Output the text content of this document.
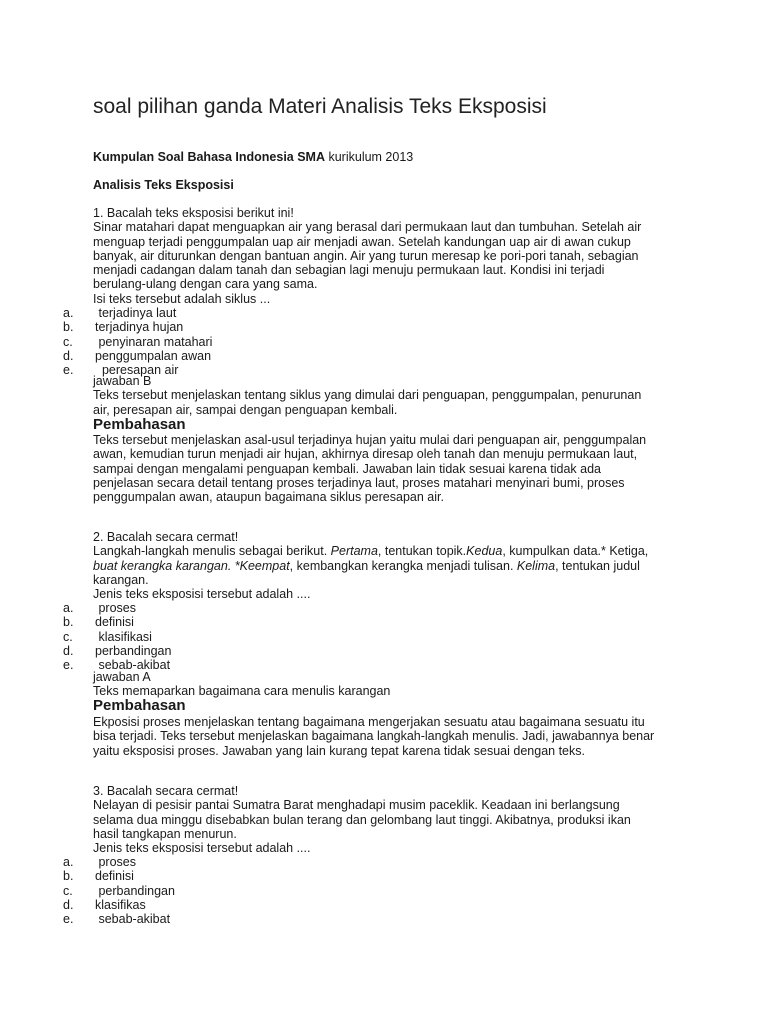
soal pilihan ganda Materi Analisis Teks Eksposisi
Kumpulan Soal Bahasa Indonesia SMA kurikulum 2013
Analisis Teks Eksposisi

1. Bacalah teks eksposisi berikut ini!

Sinar matahari dapat menguapkan air yang berasal dari permukaan laut dan tumbuhan. Setelah air

menguap terjadi penggumpalan uap air menjadi awan. Setelah kandungan uap air di awan cukup

banyak, air diturunkan dengan bantuan angin. Air yang turun meresap ke pori-pori tanah, sebagian

menjadi cadangan dalam tanah dan sebagian lagi menuju permukaan laut. Kondisi ini terjadi

berulang-ulang dengan cara yang sama.

Isi teks tersebut adalah siklus ...

a. terjadinya laut
b. terjadinya hujan
c. penyinaran matahari
d. penggumpalan awan
e. peresapan air

jawaban B

Teks tersebut menjelaskan tentang siklus yang dimulai dari penguapan, penggumpalan, penurunan

air, peresapan air, sampai dengan penguapan kembali.

Pembahasan

Teks tersebut menjelaskan asal-usul terjadinya hujan yaitu mulai dari penguapan air, penggumpalan

awan, kemudian turun menjadi air hujan, akhirnya diresap oleh tanah dan menuju permukaan laut,

sampai dengan mengalami penguapan kembali. Jawaban lain tidak sesuai karena tidak ada

penjelasan secara detail tentang proses terjadinya laut, proses matahari menyinari bumi, proses

penggumpalan awan, ataupun bagaimana siklus peresapan air.

2. Bacalah secara cermat!

Langkah-langkah menulis sebagai berikut. Pertama, tentukan topik.Kedua, kumpulkan data.* Ketiga,

buat kerangka karangan. *Keempat, kembangkan kerangka menjadi tulisan. Kelima, tentukan judul

karangan.

Jenis teks eksposisi tersebut adalah ....

a. proses
b. definisi
c. klasifikasi
d. perbandingan
e. sebab-akibat

jawaban A

Teks memaparkan bagaimana cara menulis karangan

Pembahasan

Ekposisi proses menjelaskan tentang bagaimana mengerjakan sesuatu atau bagaimana sesuatu itu

bisa terjadi. Teks tersebut menjelaskan bagaimana langkah-langkah menulis. Jadi, jawabannya benar

yaitu eksposisi proses. Jawaban yang lain kurang tepat karena tidak sesuai dengan teks.

3. Bacalah secara cermat!

Nelayan di pesisir pantai Sumatra Barat menghadapi musim paceklik. Keadaan ini berlangsung

selama dua minggu disebabkan bulan terang dan gelombang laut tinggi. Akibatnya, produksi ikan

hasil tangkapan menurun.

Jenis teks eksposisi tersebut adalah ....

a. proses
b. definisi
c. perbandingan
d. klasifikas
e. sebab-akibat
